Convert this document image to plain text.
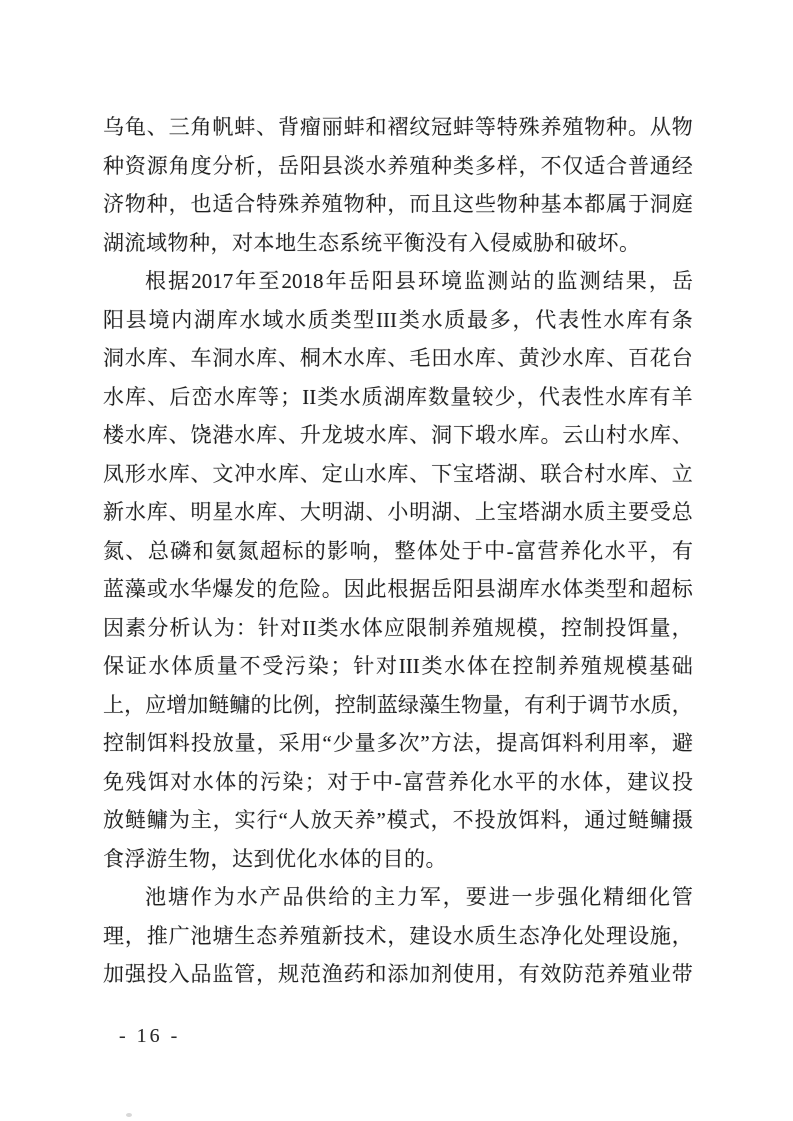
乌 龟 、 三 角 帆 蚌 、 背 瘤 丽 蚌 和 褶 纹 冠 蚌 等 特 殊 养 殖 物 种 。 从 物
种 资 源 角 度 分 析 ， 岳 阳 县 淡 水 养 殖 种 类 多 样 ， 不 仅 适 合 普 通 经
济 物 种 ， 也 适 合 特 殊 养 殖 物 种 ， 而 且 这 些 物 种 基 本 都 属 于 洞 庭
湖流域物种，对本地生态系统平衡没有入侵威胁和破坏。
根 据 2017 年 至 2018 年 岳 阳 县 环 境 监 测 站 的 监 测 结 果 ， 岳
阳 县 境 内 湖 库 水 域 水 质 类 型 III 类 水 质 最 多 ， 代 表 性 水 库 有 条
洞 水 库 、 车 洞 水 库 、 桐 木 水 库 、 毛 田 水 库 、 黄 沙 水 库 、 百 花 台
水 库 、 后 峦 水 库 等 ； II 类 水 质 湖 库 数 量 较 少 ， 代 表 性 水 库 有 羊
楼 水 库 、 饶 港 水 库 、 升 龙 坡 水 库 、 洞 下 塅 水 库 。 云 山 村 水 库 、
凤 形 水 库 、 文 冲 水 库 、 定 山 水 库 、 下 宝 塔 湖 、 联 合 村 水 库 、 立
新 水 库 、 明 星 水 库 、 大 明 湖 、 小 明 湖 、 上 宝 塔 湖 水 质 主 要 受 总
氮 、 总 磷 和 氨 氮 超 标 的 影 响 ， 整 体 处 于 中 - 富 营 养 化 水 平 ， 有
蓝 藻 或 水 华 爆 发 的 危 险 。 因 此 根 据 岳 阳 县 湖 库 水 体 类 型 和 超 标
因 素 分 析 认 为 ： 针 对 II 类 水 体 应 限 制 养 殖 规 模 ， 控 制 投 饵 量 ，
保 证 水 体 质 量 不 受 污 染 ； 针 对 III 类 水 体 在 控 制 养 殖 规 模 基 础
上 ， 应 增 加 鲢 鳙 的 比 例 ， 控 制 蓝 绿 藻 生 物 量 ， 有 利 于 调 节 水 质 ，
控 制 饵 料 投 放 量 ， 采 用 “ 少 量 多 次 ” 方 法 ， 提 高 饵 料 利 用 率 ， 避
免 残 饵 对 水 体 的 污 染 ； 对 于 中 - 富 营 养 化 水 平 的 水 体 ， 建 议 投
放 鲢 鳙 为 主 ， 实 行 “ 人 放 天 养 ” 模 式 ， 不 投 放 饵 料 ， 通 过 鲢 鳙 摄
食浮游生物，达到优化水体的目的。
池 塘 作 为 水 产 品 供 给 的 主 力 军 ， 要 进 一 步 强 化 精 细 化 管
理 ， 推 广 池 塘 生 态 养 殖 新 技 术 ， 建 设 水 质 生 态 净 化 处 理 设 施 ，
加 强 投 入 品 监 管 ， 规 范 渔 药 和 添 加 剂 使 用 ， 有 效 防 范 养 殖 业 带
- 16 -
